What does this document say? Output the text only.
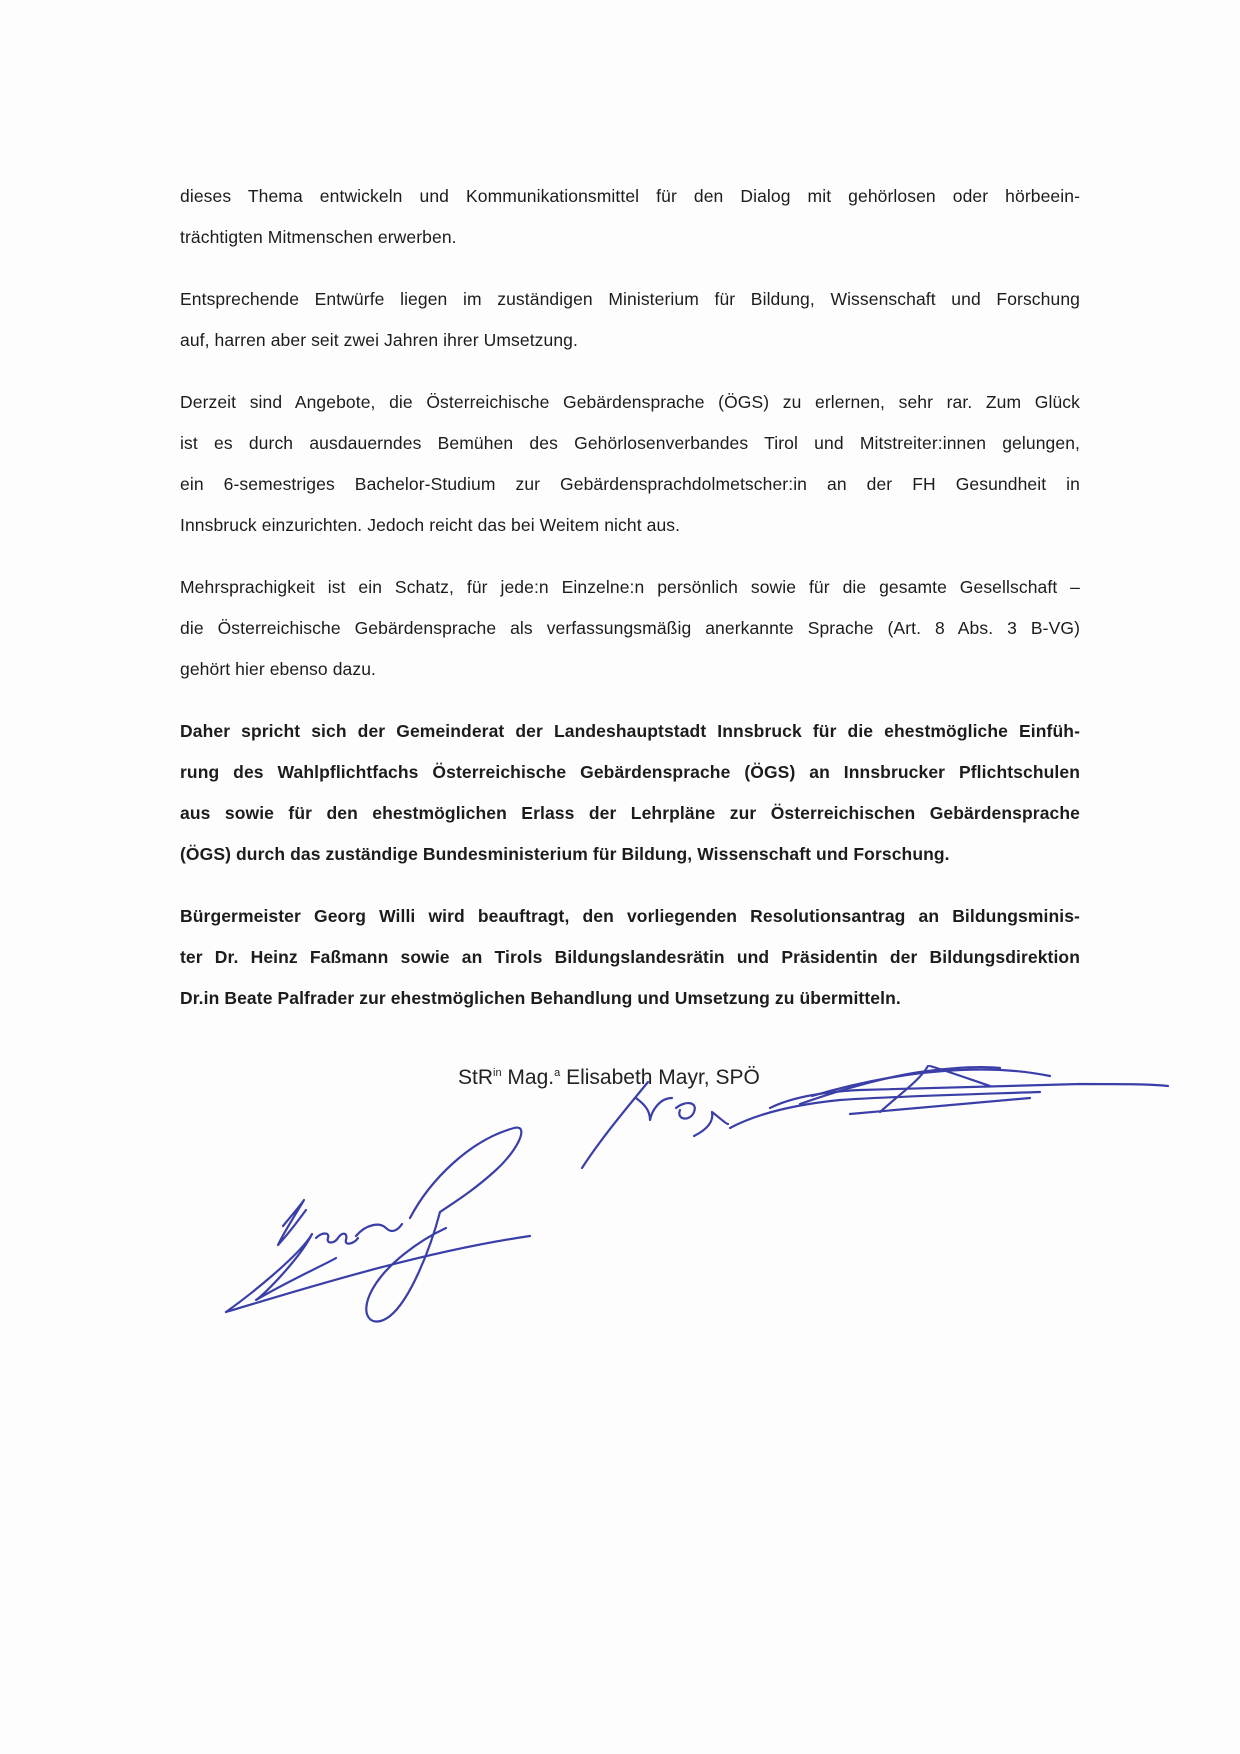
dieses Thema entwickeln und Kommunikationsmittel für den Dialog mit gehörlosen oder hörbeein-
trächtigten Mitmenschen erwerben.

Entsprechende Entwürfe liegen im zuständigen Ministerium für Bildung, Wissenschaft und Forschung
auf, harren aber seit zwei Jahren ihrer Umsetzung.

Derzeit sind Angebote, die Österreichische Gebärdensprache (ÖGS) zu erlernen, sehr rar. Zum Glück
ist es durch ausdauerndes Bemühen des Gehörlosenverbandes Tirol und Mitstreiter:innen gelungen,
ein 6-semestriges Bachelor-Studium zur Gebärdensprachdolmetscher:in an der FH Gesundheit in
Innsbruck einzurichten. Jedoch reicht das bei Weitem nicht aus.

Mehrsprachigkeit ist ein Schatz, für jede:n Einzelne:n persönlich sowie für die gesamte Gesellschaft –
die Österreichische Gebärdensprache als verfassungsmäßig anerkannte Sprache (Art. 8 Abs. 3 B-VG)
gehört hier ebenso dazu.

Daher spricht sich der Gemeinderat der Landeshauptstadt Innsbruck für die ehestmögliche Einfüh-
rung des Wahlpflichtfachs Österreichische Gebärdensprache (ÖGS) an Innsbrucker Pflichtschulen
aus sowie für den ehestmöglichen Erlass der Lehrpläne zur Österreichischen Gebärdensprache
(ÖGS) durch das zuständige Bundesministerium für Bildung, Wissenschaft und Forschung.

Bürgermeister Georg Willi wird beauftragt, den vorliegenden Resolutionsantrag an Bildungsminis-
ter Dr. Heinz Faßmann sowie an Tirols Bildungslandesrätin und Präsidentin der Bildungsdirektion
Dr.in Beate Palfrader zur ehestmöglichen Behandlung und Umsetzung zu übermitteln.

StR$^{in}$ Mag.$^a$ Elisabeth Mayr, SPÖ
